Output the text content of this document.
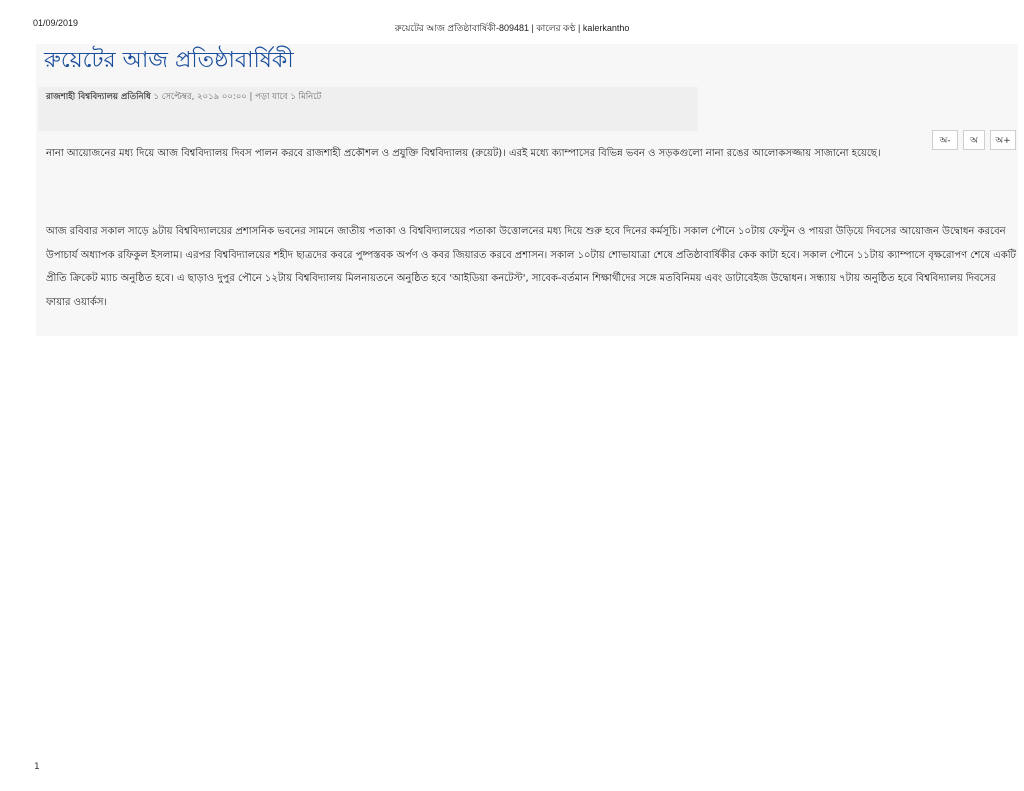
01/09/2019	রুয়েটের আজ প্রতিষ্ঠাবার্ষিকী-809481 | কালের কণ্ঠ | kalerkantho
রুয়েটের আজ প্রতিষ্ঠাবার্ষিকী
রাজশাহী বিশ্ববিদ্যালয় প্রতিনিধি ১ সেপ্টেম্বর, ২০১৯ ০০:০০ | পড়া যাবে ১ মিনিটে
অ-	অ	অ+

নানা আয়োজনের মধ্য দিয়ে আজ বিশ্ববিদ্যালয় দিবস পালন করবে রাজশাহী প্রকৌশল ও প্রযুক্তি বিশ্ববিদ্যালয় (রুয়েট)। এরই মধ্যে ক্যাম্পাসের বিভিন্ন ভবন ও সড়কগুলো নানা রঙের আলোকসজ্জায় সাজানো হয়েছে।

আজ রবিবার সকাল সাড়ে ৯টায় বিশ্ববিদ্যালয়ের প্রশাসনিক ভবনের সামনে জাতীয় পতাকা ও বিশ্ববিদ্যালয়ের পতাকা উত্তোলনের মধ্য দিয়ে শুরু হবে দিনের কর্মসূচি। সকাল পৌনে ১০টায় ফেস্টুন ও পায়রা উড়িয়ে দিবসের আয়োজন উদ্বোধন করবেন উপাচার্য অধ্যাপক রফিকুল ইসলাম। এরপর বিশ্ববিদ্যালয়ের শহীদ ছাত্রদের কবরে পুষ্পস্তবক অর্পণ ও কবর জিয়ারত করবে প্রশাসন। সকাল ১০টায় শোভাযাত্রা শেষে প্রতিষ্ঠাবার্ষিকীর কেক কাটা হবে। সকাল পৌনে ১১টায় ক্যাম্পাসে বৃক্ষরোপণ শেষে একটি প্রীতি ক্রিকেট ম্যাচ অনুষ্ঠিত হবে। এ ছাড়াও দুপুর পৌনে ১২টায় বিশ্ববিদ্যালয় মিলনায়তনে অনুষ্ঠিত হবে 'আইডিয়া কনটেস্ট', সাবেক-বর্তমান শিক্ষার্থীদের সঙ্গে মতবিনিময় এবং ডাটাবেইজ উদ্বোধন। সন্ধ্যায় ৭টায় অনুষ্ঠিত হবে বিশ্ববিদ্যালয় দিবসের ফায়ার ওয়ার্কস।

1
